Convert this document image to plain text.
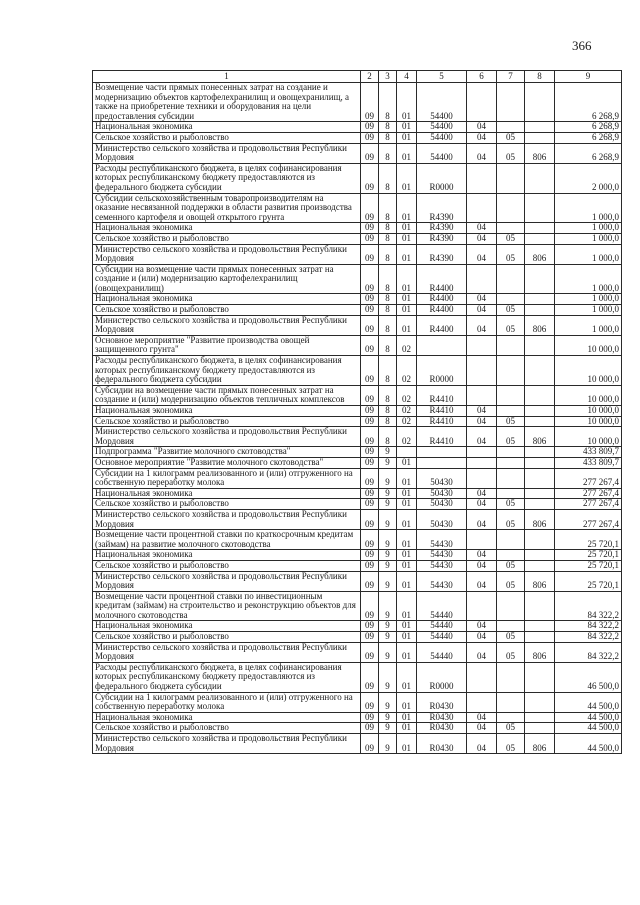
366
1	2	3	4	5	6	7	8	9
Возмещение части прямых понесенных затрат на создание и модернизацию объектов картофелехранилищ и овощехранилищ, а также на приобретение техники и оборудования на цели предоставления субсидии	09	8	01	54400				6 268,9
Национальная экономика	09	8	01	54400	04			6 268,9
Сельское хозяйство и рыболовство	09	8	01	54400	04	05		6 268,9
Министерство сельского хозяйства и продовольствия Республики Мордовия	09	8	01	54400	04	05	806	6 268,9
Расходы республиканского бюджета, в целях софинансирования которых республиканскому бюджету предоставляются из федерального бюджета субсидии	09	8	01	R0000				2 000,0
Субсидии сельскохозяйственным товаропроизводителям на оказание несвязанной поддержки в области развития производства семенного картофеля и овощей открытого грунта	09	8	01	R4390				1 000,0
Национальная экономика	09	8	01	R4390	04			1 000,0
Сельское хозяйство и рыболовство	09	8	01	R4390	04	05		1 000,0
Министерство сельского хозяйства и продовольствия Республики Мордовия	09	8	01	R4390	04	05	806	1 000,0
Субсидии на возмещение части прямых понесенных затрат на создание и (или) модернизацию картофелехранилищ (овощехранилищ)	09	8	01	R4400				1 000,0
Национальная экономика	09	8	01	R4400	04			1 000,0
Сельское хозяйство и рыболовство	09	8	01	R4400	04	05		1 000,0
Министерство сельского хозяйства и продовольствия Республики Мордовия	09	8	01	R4400	04	05	806	1 000,0
Основное мероприятие "Развитие производства овощей защищенного грунта"	09	8	02					10 000,0
Расходы республиканского бюджета, в целях софинансирования которых республиканскому бюджету предоставляются из федерального бюджета субсидии	09	8	02	R0000				10 000,0
Субсидии на возмещение части прямых понесенных затрат на создание и (или) модернизацию объектов тепличных комплексов	09	8	02	R4410				10 000,0
Национальная экономика	09	8	02	R4410	04			10 000,0
Сельское хозяйство и рыболовство	09	8	02	R4410	04	05		10 000,0
Министерство сельского хозяйства и продовольствия Республики Мордовия	09	8	02	R4410	04	05	806	10 000,0
Подпрограмма "Развитие молочного скотоводства"	09	9						433 809,7
Основное мероприятие "Развитие молочного скотоводства"	09	9	01					433 809,7
Субсидии на 1 килограмм реализованного и (или) отгруженного на собственную переработку молока	09	9	01	50430				277 267,4
Национальная экономика	09	9	01	50430	04			277 267,4
Сельское хозяйство и рыболовство	09	9	01	50430	04	05		277 267,4
Министерство сельского хозяйства и продовольствия Республики Мордовия	09	9	01	50430	04	05	806	277 267,4
Возмещение части процентной ставки по краткосрочным кредитам (займам) на развитие молочного скотоводства	09	9	01	54430				25 720,1
Национальная экономика	09	9	01	54430	04			25 720,1
Сельское хозяйство и рыболовство	09	9	01	54430	04	05		25 720,1
Министерство сельского хозяйства и продовольствия Республики Мордовия	09	9	01	54430	04	05	806	25 720,1
Возмещение части процентной ставки по инвестиционным кредитам (займам) на строительство и реконструкцию объектов для молочного скотоводства	09	9	01	54440				84 322,2
Национальная экономика	09	9	01	54440	04			84 322,2
Сельское хозяйство и рыболовство	09	9	01	54440	04	05		84 322,2
Министерство сельского хозяйства и продовольствия Республики Мордовия	09	9	01	54440	04	05	806	84 322,2
Расходы республиканского бюджета, в целях софинансирования которых республиканскому бюджету предоставляются из федерального бюджета субсидии	09	9	01	R0000				46 500,0
Субсидии на 1 килограмм реализованного и (или) отгруженного на собственную переработку молока	09	9	01	R0430				44 500,0
Национальная экономика	09	9	01	R0430	04			44 500,0
Сельское хозяйство и рыболовство	09	9	01	R0430	04	05		44 500,0
Министерство сельского хозяйства и продовольствия Республики Мордовия	09	9	01	R0430	04	05	806	44 500,0
